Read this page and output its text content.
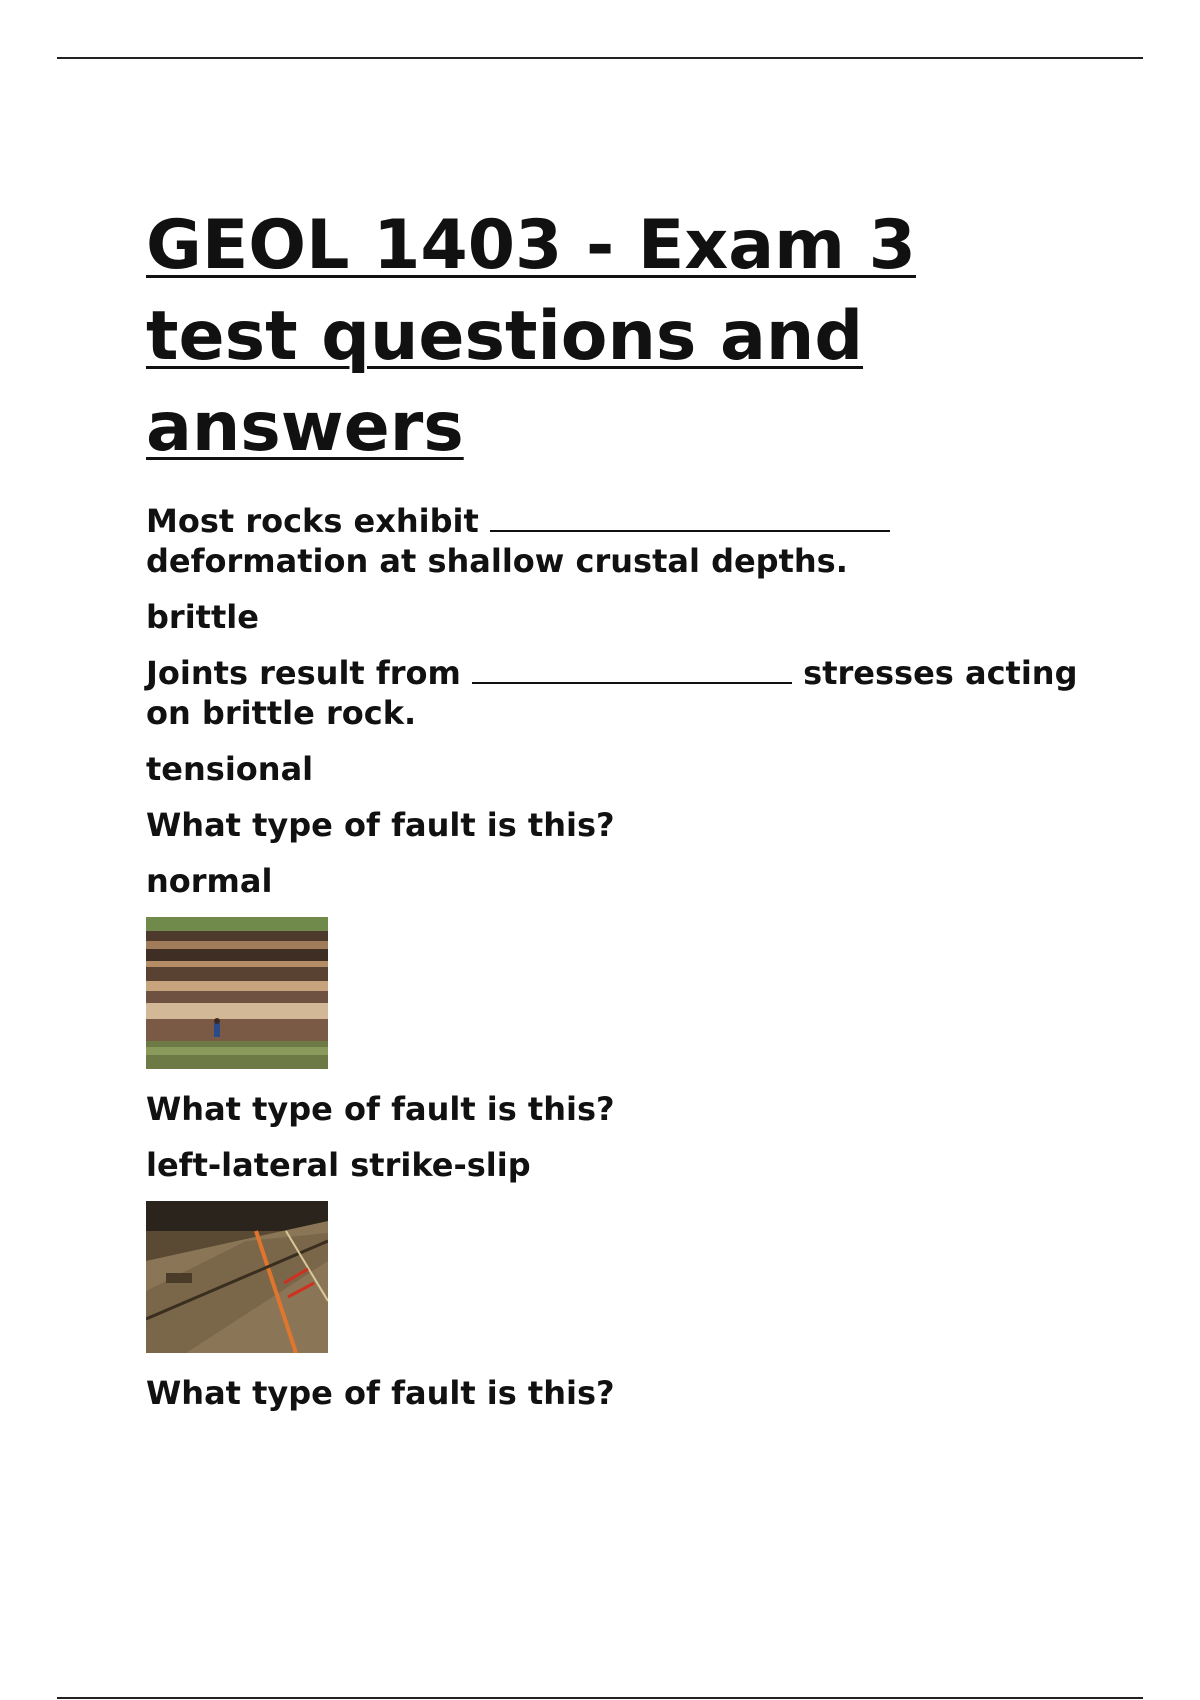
GEOL 1403 - Exam 3 test questions and answers
Most rocks exhibit	deformation at shallow crustal depths.
brittle
Joints result from	stresses acting on brittle rock.
tensional
What type of fault is this?
normal
What type of fault is this?
left-lateral strike-slip
What type of fault is this?
